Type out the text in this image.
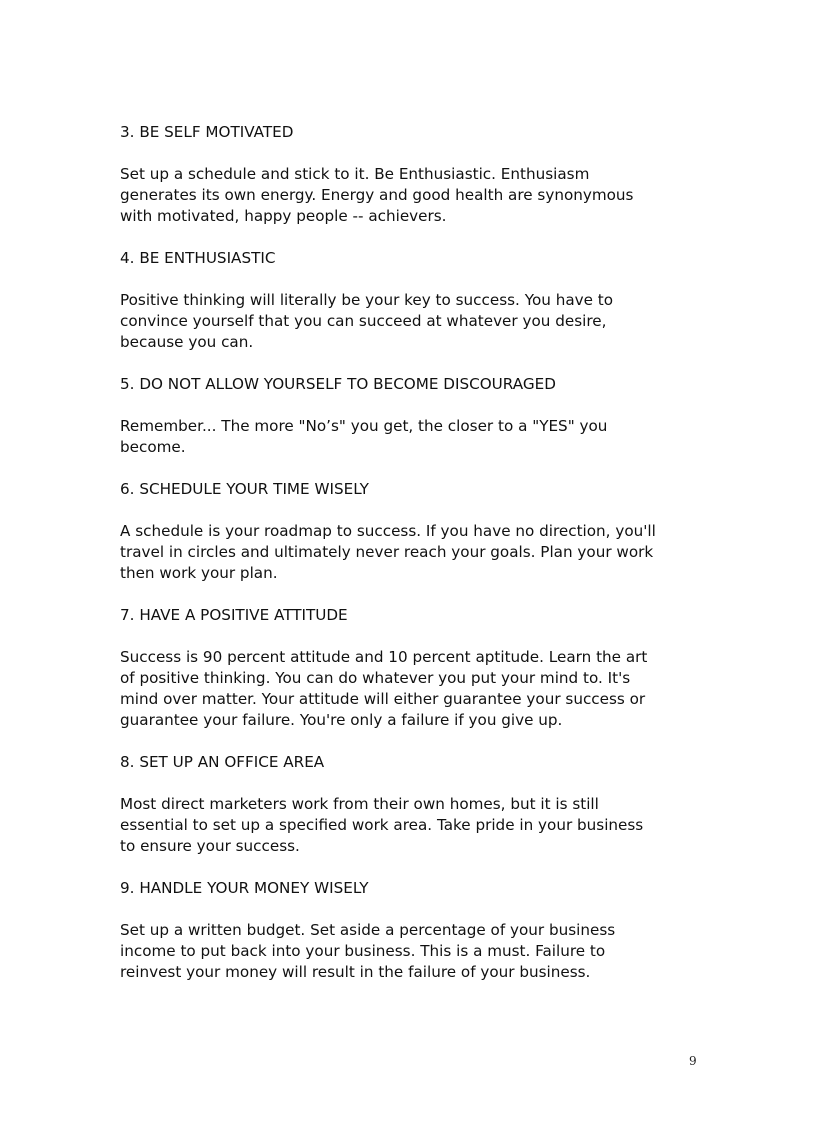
3. BE SELF MOTIVATED

Set up a schedule and stick to it. Be Enthusiastic. Enthusiasm
generates its own energy. Energy and good health are synonymous
with motivated, happy people -- achievers.

4. BE ENTHUSIASTIC

Positive thinking will literally be your key to success. You have to
convince yourself that you can succeed at whatever you desire,
because you can.

5. DO NOT ALLOW YOURSELF TO BECOME DISCOURAGED

Remember... The more "No’s" you get, the closer to a "YES" you
become.

6. SCHEDULE YOUR TIME WISELY

A schedule is your roadmap to success. If you have no direction, you'll
travel in circles and ultimately never reach your goals. Plan your work
then work your plan.

7. HAVE A POSITIVE ATTITUDE

Success is 90 percent attitude and 10 percent aptitude. Learn the art
of positive thinking. You can do whatever you put your mind to. It's
mind over matter. Your attitude will either guarantee your success or
guarantee your failure. You're only a failure if you give up.

8. SET UP AN OFFICE AREA

Most direct marketers work from their own homes, but it is still
essential to set up a specified work area. Take pride in your business
to ensure your success.

9. HANDLE YOUR MONEY WISELY

Set up a written budget. Set aside a percentage of your business
income to put back into your business. This is a must. Failure to
reinvest your money will result in the failure of your business.

9
